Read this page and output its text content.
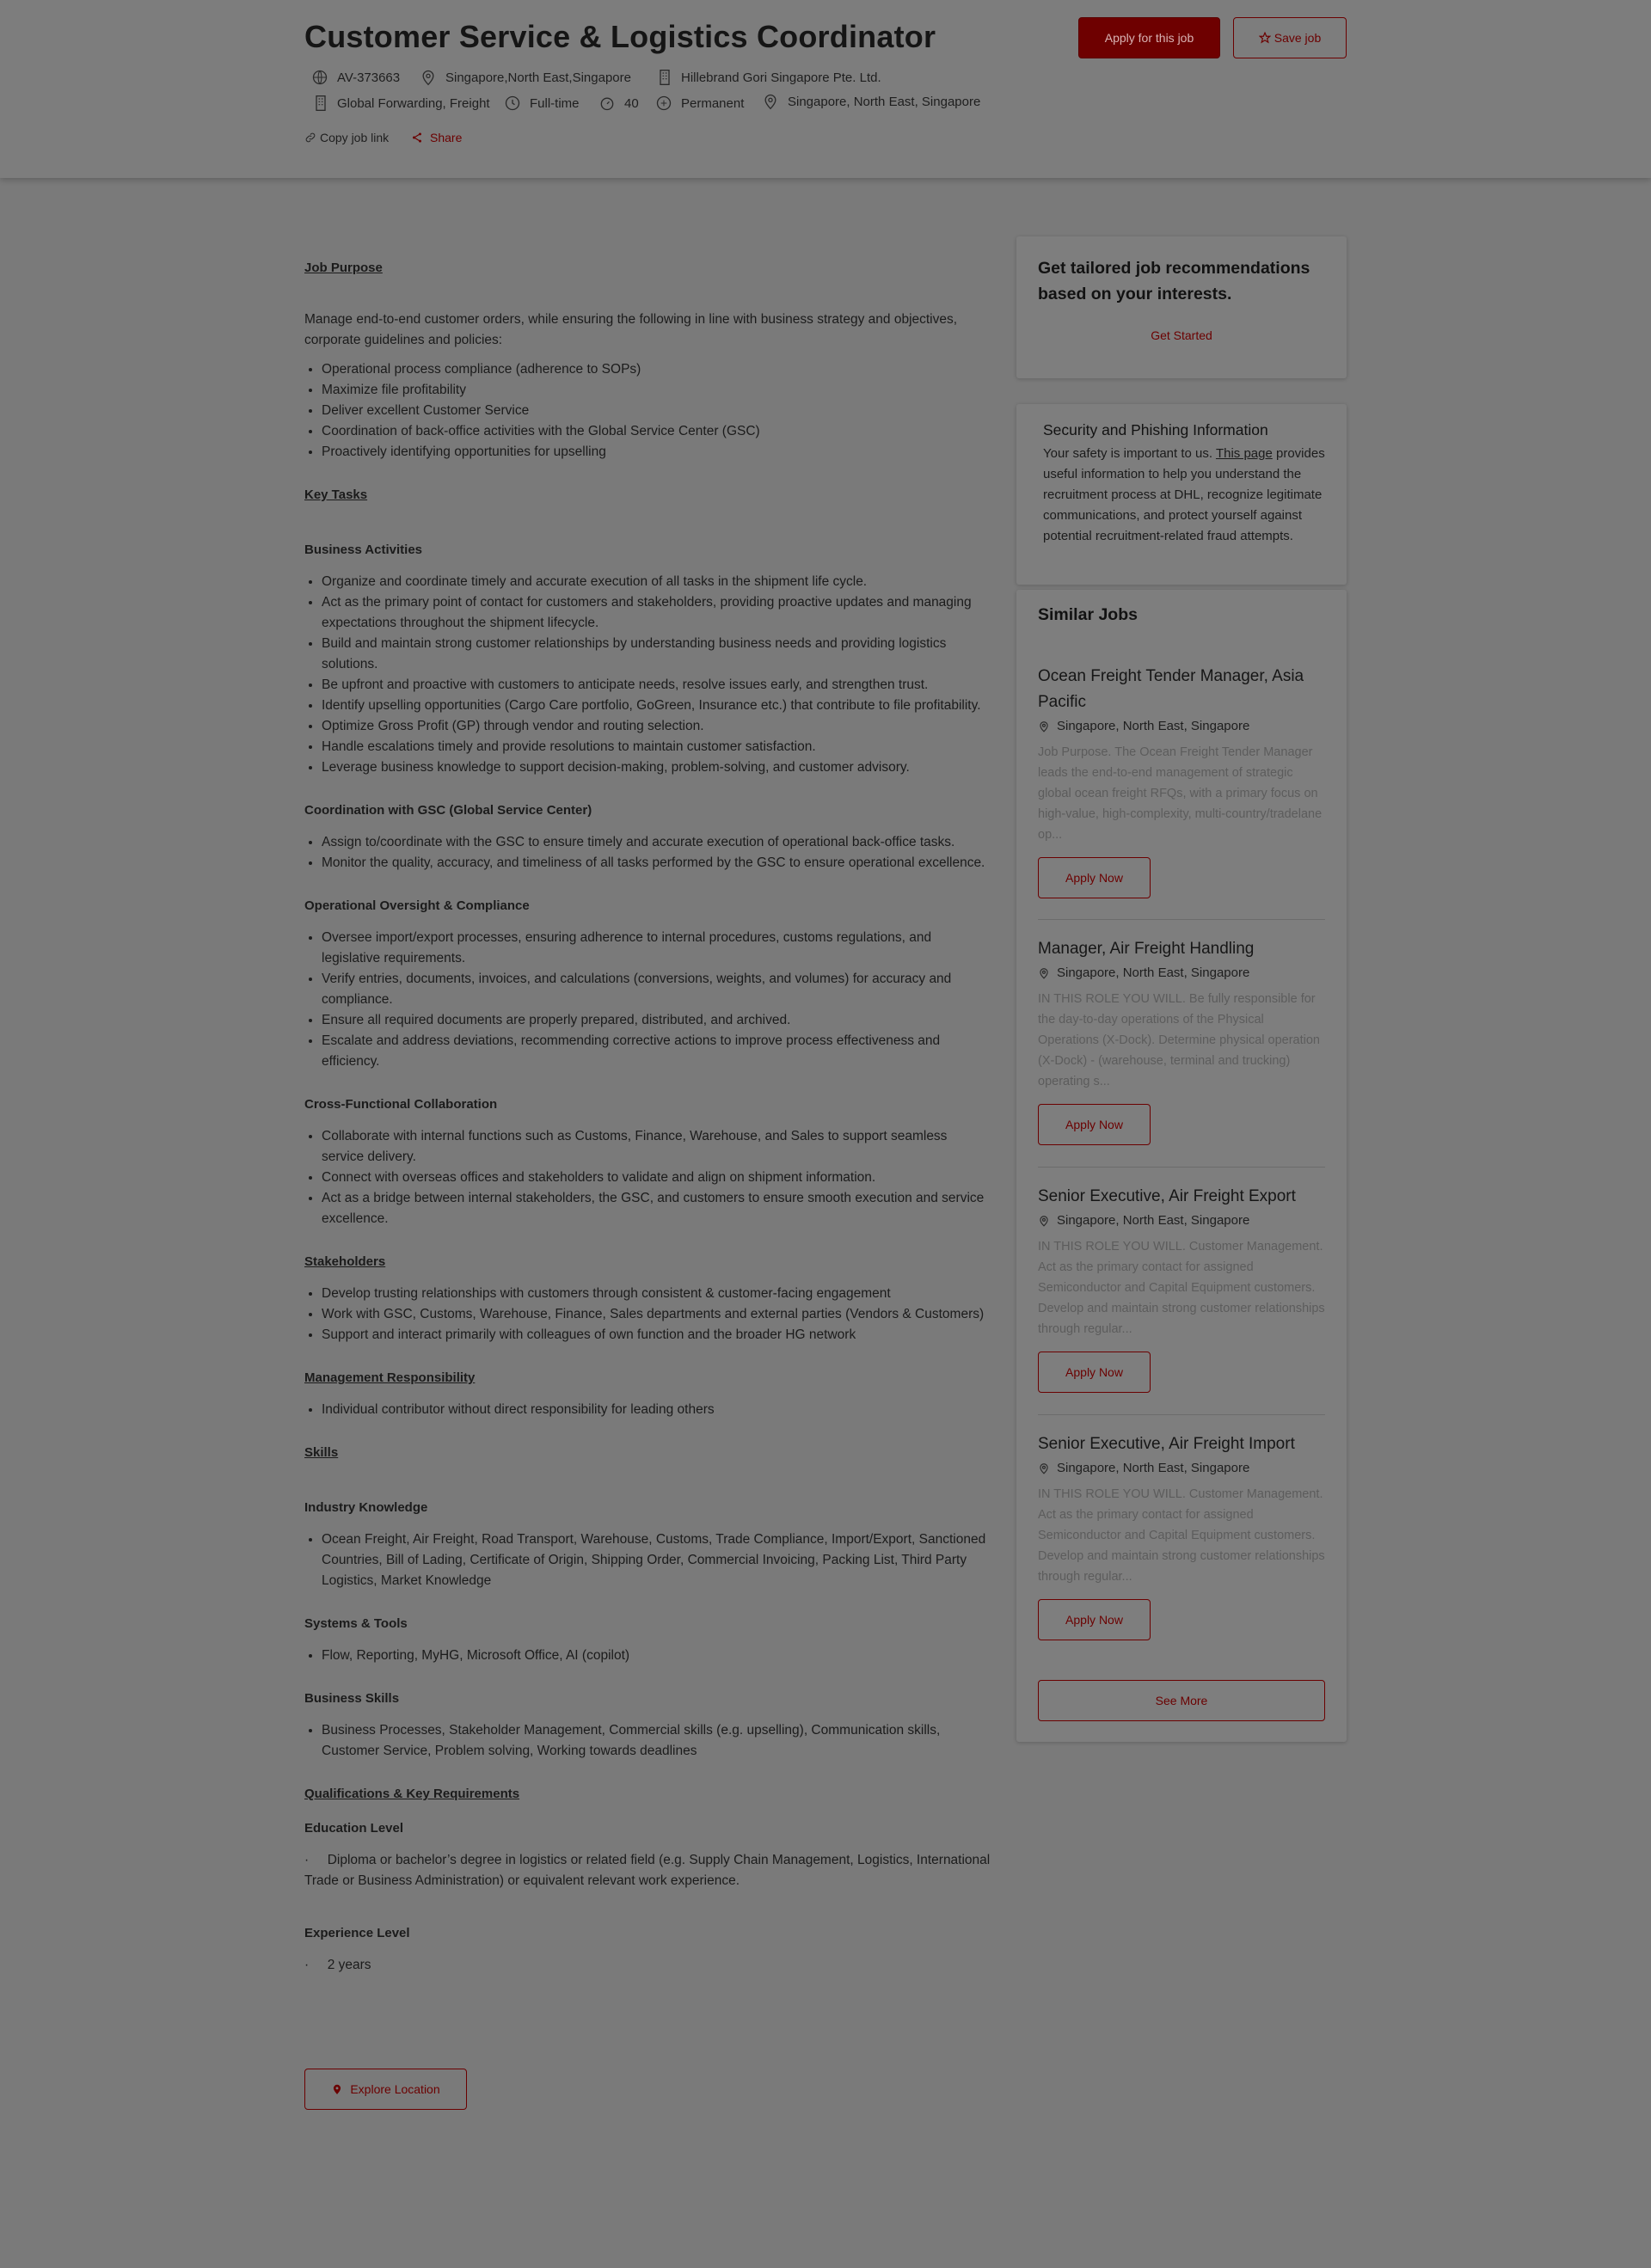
Customer Service & Logistics Coordinator	Apply for this job	Save job
AV-373663	Singapore,North East,Singapore	Hillebrand Gori Singapore Pte. Ltd.
Global Forwarding, Freight	Full-time	40	Permanent	Singapore, North East, Singapore
Copy job link	Share
Job Purpose

Manage end-to-end customer orders, while ensuring the following in line with business strategy and objectives, corporate guidelines and policies:

• Operational process compliance (adherence to SOPs)
• Maximize file profitability
• Deliver excellent Customer Service
• Coordination of back-office activities with the Global Service Center (GSC)
• Proactively identifying opportunities for upselling
Key Tasks
Business Activities
• Organize and coordinate timely and accurate execution of all tasks in the shipment life cycle.
• Act as the primary point of contact for customers and stakeholders, providing proactive updates and managing expectations throughout the shipment lifecycle.
• Build and maintain strong customer relationships by understanding business needs and providing logistics solutions.
• Be upfront and proactive with customers to anticipate needs, resolve issues early, and strengthen trust.
• Identify upselling opportunities (Cargo Care portfolio, GoGreen, Insurance etc.) that contribute to file profitability.
• Optimize Gross Profit (GP) through vendor and routing selection.
• Handle escalations timely and provide resolutions to maintain customer satisfaction.
• Leverage business knowledge to support decision-making, problem-solving, and customer advisory.
Coordination with GSC (Global Service Center)
• Assign to/coordinate with the GSC to ensure timely and accurate execution of operational back-office tasks.
• Monitor the quality, accuracy, and timeliness of all tasks performed by the GSC to ensure operational excellence.
Operational Oversight & Compliance
• Oversee import/export processes, ensuring adherence to internal procedures, customs regulations, and legislative requirements.
• Verify entries, documents, invoices, and calculations (conversions, weights, and volumes) for accuracy and compliance.
• Ensure all required documents are properly prepared, distributed, and archived.
• Escalate and address deviations, recommending corrective actions to improve process effectiveness and efficiency.
Cross-Functional Collaboration
• Collaborate with internal functions such as Customs, Finance, Warehouse, and Sales to support seamless service delivery.
• Connect with overseas offices and stakeholders to validate and align on shipment information.
• Act as a bridge between internal stakeholders, the GSC, and customers to ensure smooth execution and service excellence.
Stakeholders
• Develop trusting relationships with customers through consistent & customer-facing engagement
• Work with GSC, Customs, Warehouse, Finance, Sales departments and external parties (Vendors & Customers)
• Support and interact primarily with colleagues of own function and the broader HG network
Management Responsibility
• Individual contributor without direct responsibility for leading others
Skills
Industry Knowledge
• Ocean Freight, Air Freight, Road Transport, Warehouse, Customs, Trade Compliance, Import/Export, Sanctioned Countries, Bill of Lading, Certificate of Origin, Shipping Order, Commercial Invoicing, Packing List, Third Party Logistics, Market Knowledge
Systems & Tools
• Flow, Reporting, MyHG, Microsoft Office, AI (copilot)
Business Skills
• Business Processes, Stakeholder Management, Commercial skills (e.g. upselling), Communication skills, Customer Service, Problem solving, Working towards deadlines
Qualifications & Key Requirements
Education Level

·     Diploma or bachelor’s degree in logistics or related field (e.g. Supply Chain Management, Logistics, International Trade or Business Administration) or equivalent relevant work experience.

Experience Level

·     2 years

Explore Location
Get tailored job recommendations based on your interests.
Get Started
Security and Phishing Information
Your safety is important to us. This page provides useful information to help you understand the recruitment process at DHL, recognize legitimate communications, and protect yourself against potential recruitment-related fraud attempts.
Similar Jobs
Ocean Freight Tender Manager, Asia Pacific
Singapore, North East, Singapore
Job Purpose. The Ocean Freight Tender Manager leads the end-to-end management of strategic global ocean freight RFQs, with a primary focus on high-value, high-complexity, multi-country/tradelane op...
Apply Now
Manager, Air Freight Handling
Singapore, North East, Singapore
IN THIS ROLE YOU WILL. Be fully responsible for the day-to-day operations of the Physical Operations (X-Dock). Determine physical operation (X-Dock) - (warehouse, terminal and trucking) operating s...
Apply Now
Senior Executive, Air Freight Export
Singapore, North East, Singapore
IN THIS ROLE YOU WILL. Customer Management. Act as the primary contact for assigned Semiconductor and Capital Equipment customers. Develop and maintain strong customer relationships through regular...
Apply Now
Senior Executive, Air Freight Import
Singapore, North East, Singapore
IN THIS ROLE YOU WILL. Customer Management. Act as the primary contact for assigned Semiconductor and Capital Equipment customers. Develop and maintain strong customer relationships through regular...
Apply Now
See More
